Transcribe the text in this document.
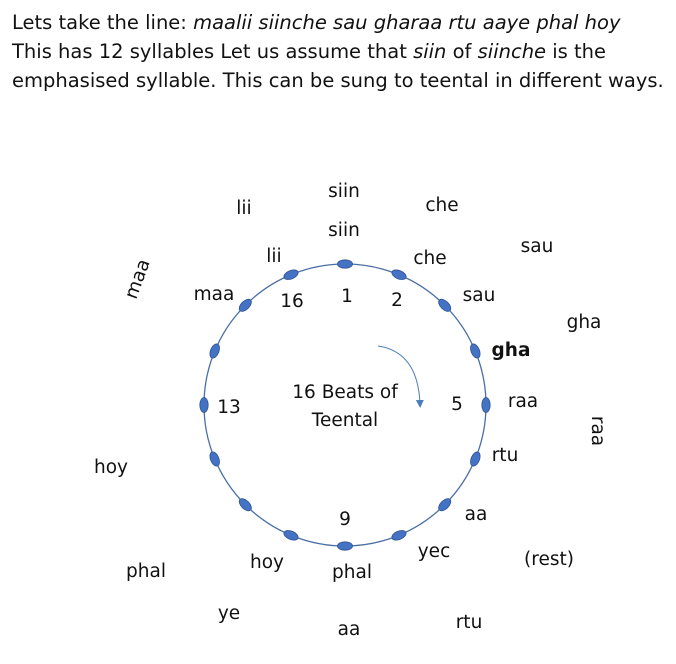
Lets take the line: maalii siinche sau gharaa rtu aaye phal hoy

This has 12 syllables Let us assume that siin of siinche is the

emphasised syllable. This can be sung to teental in different ways.

16 Beats of
Teental
1 2
5
9
13
16
siin
che
sau
gha
raa
rtu
aa
yec
phal
hoy
maa
lii
siin
che
sau
gha
(rest)
rtu
aa
ye
phal
hoy
maa
lii
raa
